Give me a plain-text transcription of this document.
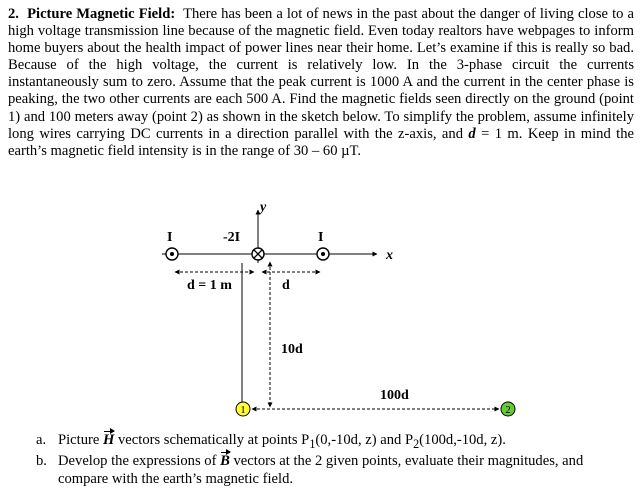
2. Picture Magnetic Field: There has been a lot of news in the past about the danger of living close to a high voltage transmission line because of the magnetic field. Even today realtors have webpages to inform home buyers about the health impact of power lines near their home. Let’s examine if this is really so bad. Because of the high voltage, the current is relatively low. In the 3-phase circuit the currents instantaneously sum to zero. Assume that the peak current is 1000 A and the current in the center phase is peaking, the two other currents are each 500 A. Find the magnetic fields seen directly on the ground (point 1) and 100 meters away (point 2) as shown in the sketch below. To simplify the problem, assume infinitely long wires carrying DC currents in a direction parallel with the z-axis, and d = 1 m. Keep in mind the earth’s magnetic field intensity is in the range of 30 – 60 µT.

y
x
I	-2I	I
d = 1 m	d
10d
100d
1	2
a. Picture H vectors schematically at points $P_1(0,-10d$, z) and $P_2(100d,-10d$, z).
b. Develop the expressions of B vectors at the 2 given points, evaluate their magnitudes, and compare with the earth’s magnetic field.
